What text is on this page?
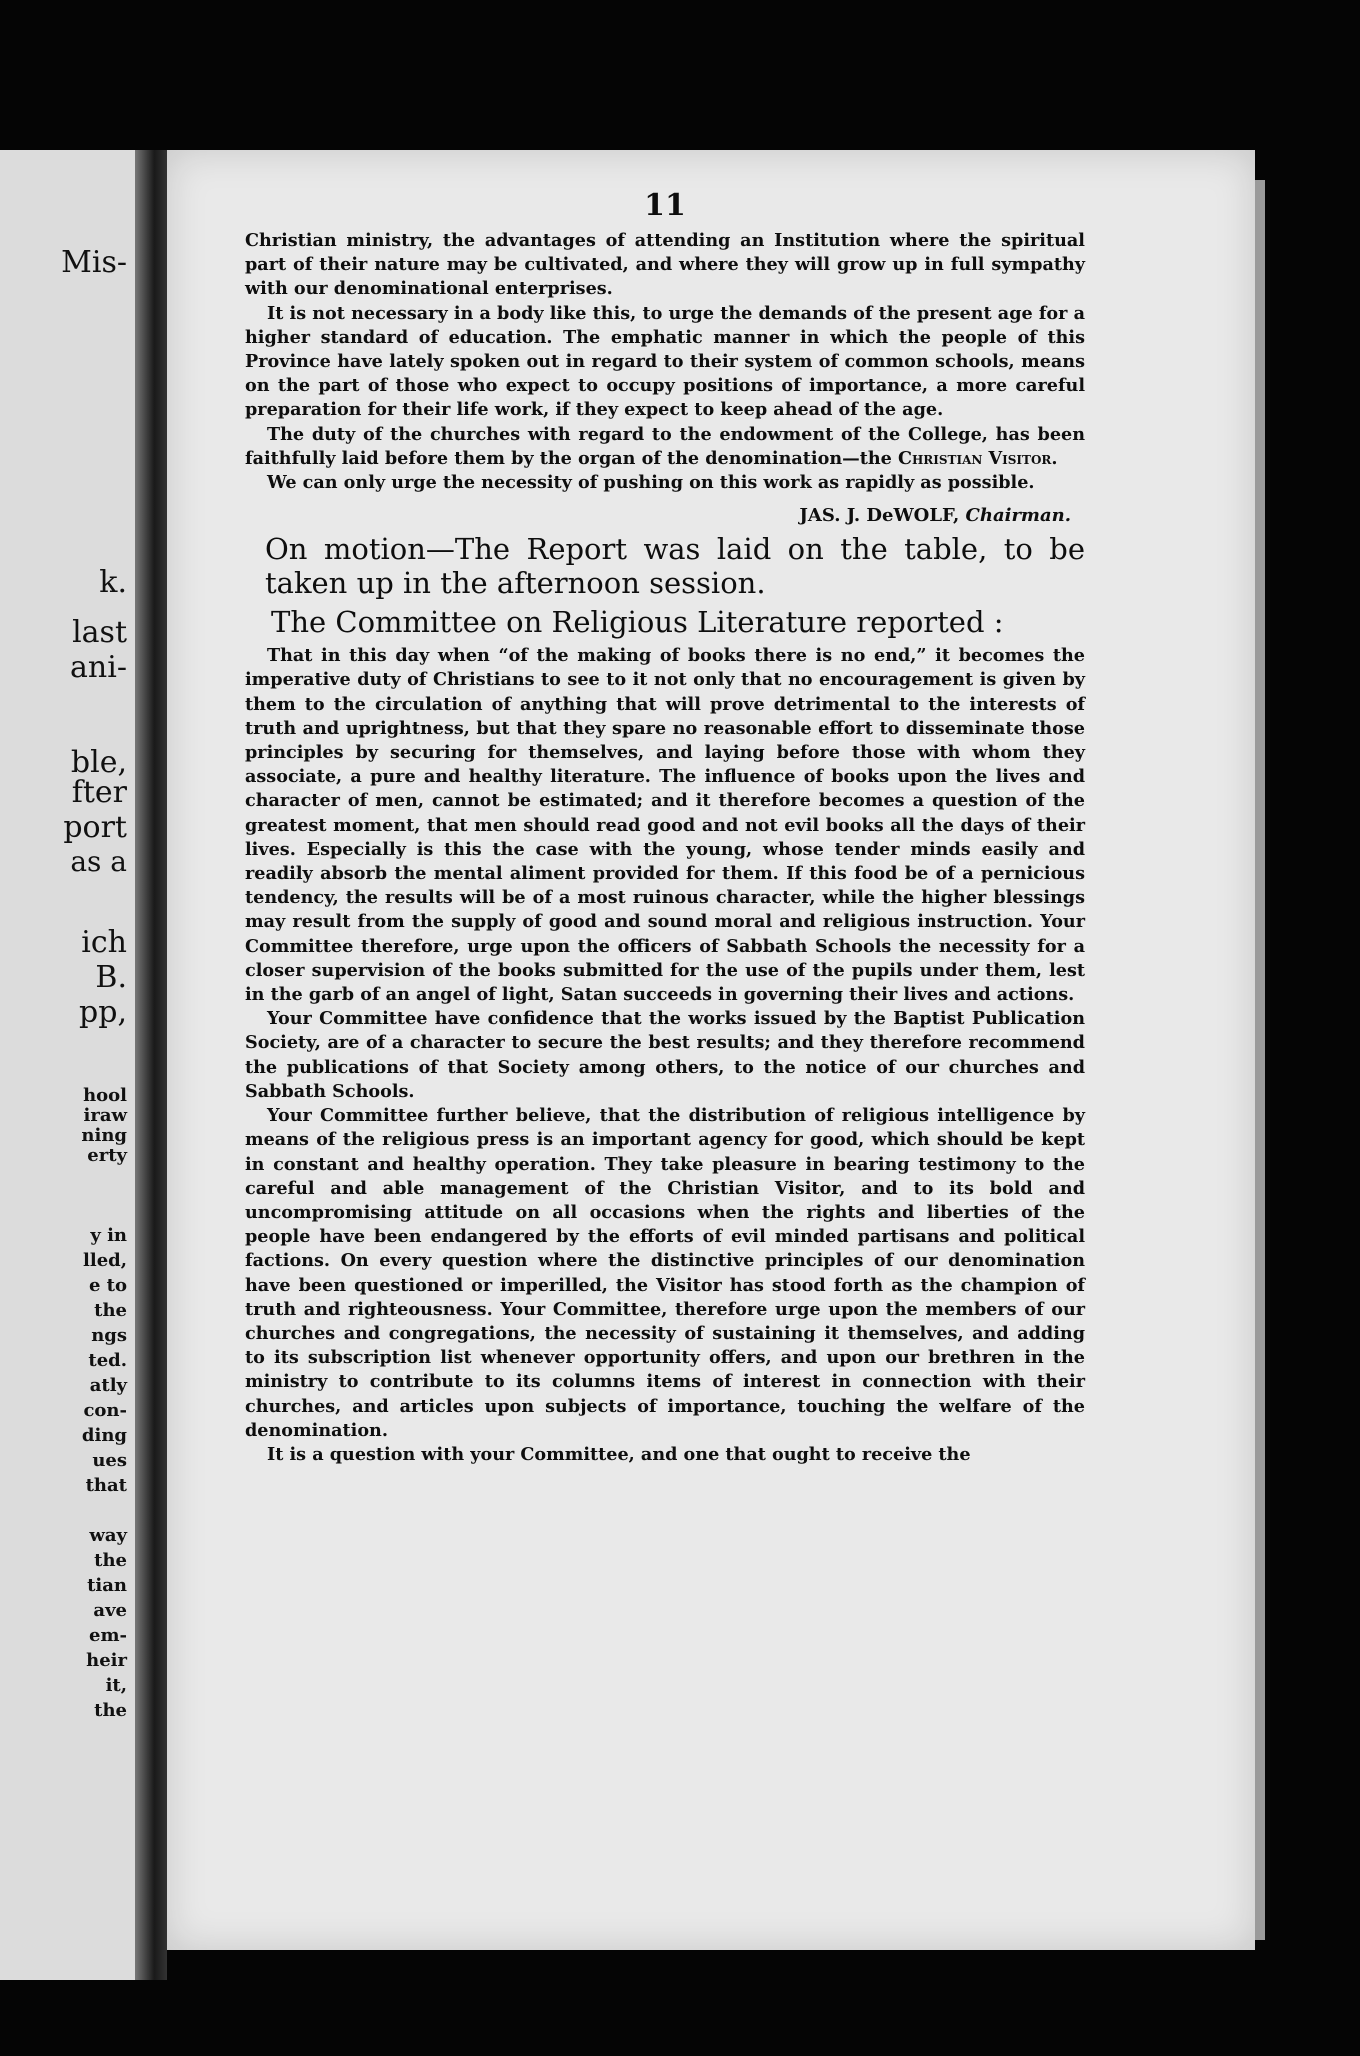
Mis-
k.
last
ani-
ble,
fter
port
as a
ich
B.
pp,
hool
iraw
ning
erty
y in
lled,
e to
the
ngs
ted.
atly
con-
ding
ues
that
way
the
tian
ave
em-
heir
it,
the
11

Christian ministry, the advantages of attending an Institution where the spiritual part of their nature may be cultivated, and where they will grow up in full sympathy with our denominational enterprises.

It is not necessary in a body like this, to urge the demands of the present age for a higher standard of education. The emphatic manner in which the people of this Province have lately spoken out in regard to their system of common schools, means on the part of those who expect to occupy positions of importance, a more careful preparation for their life work, if they expect to keep ahead of the age.

The duty of the churches with regard to the endowment of the College, has been faithfully laid before them by the organ of the denomination—the Christian Visitor.

We can only urge the necessity of pushing on this work as rapidly as possible.

JAS. J. DeWOLF, Chairman.
On motion—The Report was laid on the table, to be taken up in the afternoon session.
The Committee on Religious Literature reported :

That in this day when “of the making of books there is no end,” it becomes the imperative duty of Christians to see to it not only that no encouragement is given by them to the circulation of anything that will prove detrimental to the interests of truth and uprightness, but that they spare no reasonable effort to disseminate those principles by securing for themselves, and laying before those with whom they associate, a pure and healthy literature. The influence of books upon the lives and character of men, cannot be estimated; and it therefore becomes a question of the greatest moment, that men should read good and not evil books all the days of their lives. Especially is this the case with the young, whose tender minds easily and readily absorb the mental aliment provided for them. If this food be of a pernicious tendency, the results will be of a most ruinous character, while the higher blessings may result from the supply of good and sound moral and religious instruction. Your Committee therefore, urge upon the officers of Sabbath Schools the necessity for a closer supervision of the books submitted for the use of the pupils under them, lest in the garb of an angel of light, Satan succeeds in governing their lives and actions.

Your Committee have confidence that the works issued by the Baptist Publication Society, are of a character to secure the best results; and they therefore recommend the publications of that Society among others, to the notice of our churches and Sabbath Schools.

Your Committee further believe, that the distribution of religious intelligence by means of the religious press is an important agency for good, which should be kept in constant and healthy operation. They take pleasure in bearing testimony to the careful and able management of the Christian Visitor, and to its bold and uncompromising attitude on all occasions when the rights and liberties of the people have been endangered by the efforts of evil minded partisans and political factions. On every question where the distinctive principles of our denomination have been questioned or imperilled, the Visitor has stood forth as the champion of truth and righteousness. Your Committee, therefore urge upon the members of our churches and congregations, the necessity of sustaining it themselves, and adding to its subscription list whenever opportunity offers, and upon our brethren in the ministry to contribute to its columns items of interest in connection with their churches, and articles upon subjects of importance, touching the welfare of the denomination.

It is a question with your Committee, and one that ought to receive the
